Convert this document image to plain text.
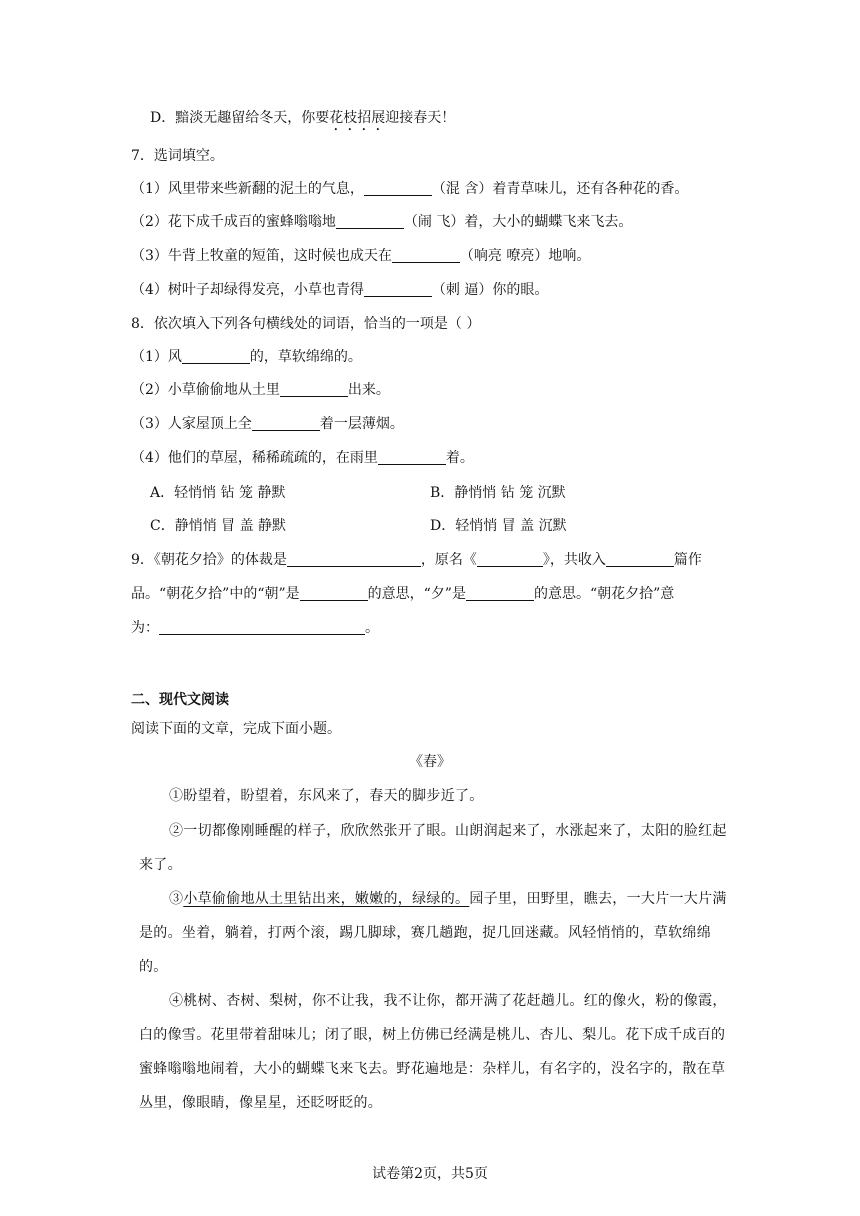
D．黯淡无趣留给冬天，你要花枝招展迎接春天！
7．选词填空。
（1）风里带来些新翻的泥土的气息，	（混 含）着青草味儿，还有各种花的香。
（2）花下成千成百的蜜蜂嗡嗡地	（闹 飞）着，大小的蝴蝶飞来飞去。
（3）牛背上牧童的短笛，这时候也成天在	（响亮 嘹亮）地响。
（4）树叶子却绿得发亮，小草也青得	（刺 逼）你的眼。
8．依次填入下列各句横线处的词语，恰当的一项是（ ）
（1）风	的，草软绵绵的。
（2）小草偷偷地从土里	出来。
（3）人家屋顶上全	着一层薄烟。
（4）他们的草屋，稀稀疏疏的，在雨里	着。
A．轻悄悄 钻 笼 静默	B．静悄悄 钻 笼 沉默
C．静悄悄 冒 盖 静默	D．轻悄悄 冒 盖 沉默
9．《朝花夕拾》的体裁是	，原名《	》，共收入	篇作
品。“朝花夕拾”中的“朝”是	的意思，“夕”是	的意思。“朝花夕拾”意
为：	。
二、现代文阅读
阅读下面的文章，完成下面小题。
《春》
①盼望着，盼望着，东风来了，春天的脚步近了。
②一切都像刚睡醒的样子，欣欣然张开了眼。山朗润起来了，水涨起来了，太阳的脸红起来了。
③小草偷偷地从土里钻出来，嫩嫩的，绿绿的。园子里，田野里，瞧去，一大片一大片满是的。坐着，躺着，打两个滚，踢几脚球，赛几趟跑，捉几回迷藏。风轻悄悄的，草软绵绵的。
④桃树、杏树、梨树，你不让我，我不让你，都开满了花赶趟儿。红的像火，粉的像霞，白的像雪。花里带着甜味儿；闭了眼，树上仿佛已经满是桃儿、杏儿、梨儿。花下成千成百的蜜蜂嗡嗡地闹着，大小的蝴蝶飞来飞去。野花遍地是：杂样儿，有名字的，没名字的，散在草丛里，像眼睛，像星星，还眨呀眨的。
试卷第2页，共5页
